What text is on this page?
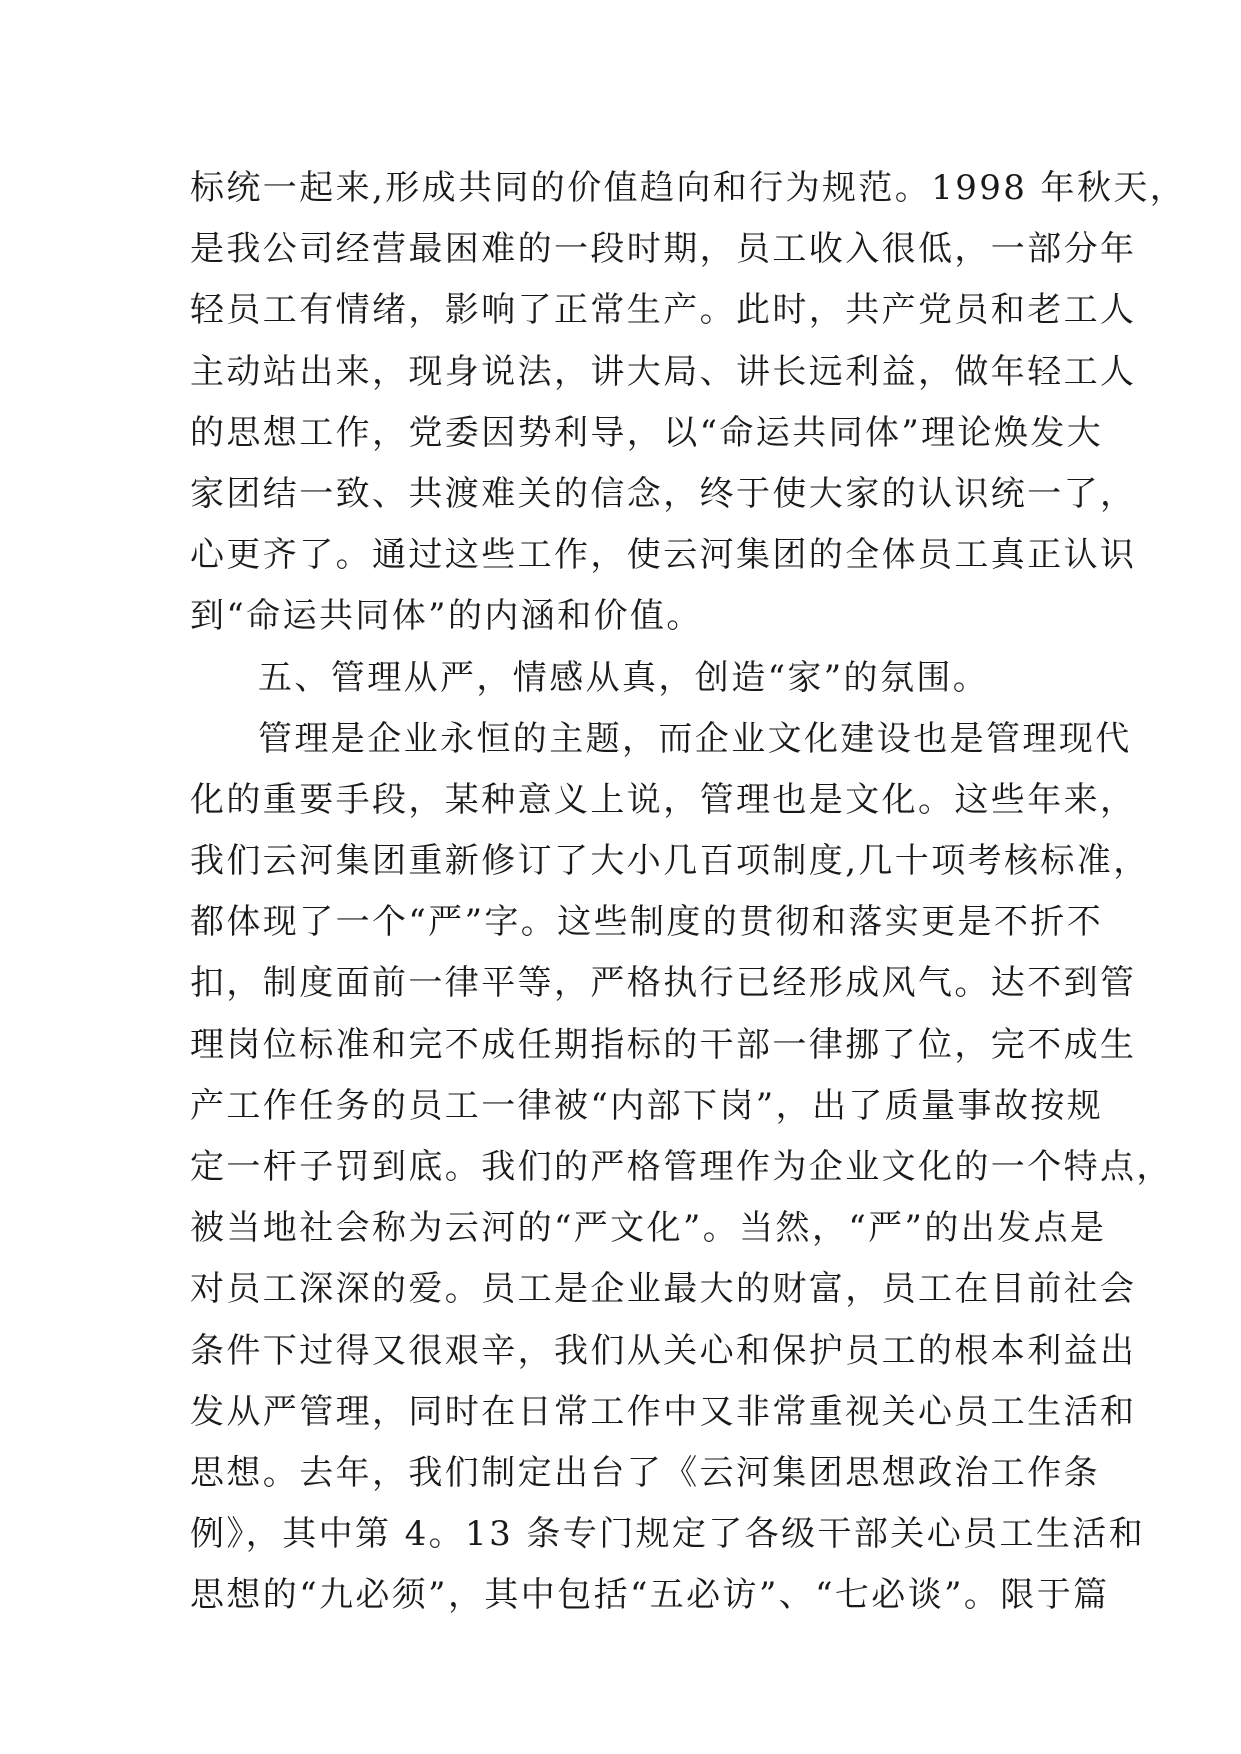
标统一起来,形成共同的价值趋向和行为规范。1998 年秋天，
是我公司经营最困难的一段时期，员工收入很低，一部分年
轻员工有情绪，影响了正常生产。此时，共产党员和老工人
主动站出来，现身说法，讲大局、讲长远利益，做年轻工人
的思想工作，党委因势利导，以“命运共同体”理论焕发大
家团结一致、共渡难关的信念，终于使大家的认识统一了，
心更齐了。通过这些工作，使云河集团的全体员工真正认识
到“命运共同体”的内涵和价值。
五、管理从严，情感从真，创造“家”的氛围。
管理是企业永恒的主题，而企业文化建设也是管理现代
化的重要手段，某种意义上说，管理也是文化。这些年来，
我们云河集团重新修订了大小几百项制度,几十项考核标准，
都体现了一个“严”字。这些制度的贯彻和落实更是不折不
扣，制度面前一律平等，严格执行已经形成风气。达不到管
理岗位标准和完不成任期指标的干部一律挪了位，完不成生
产工作任务的员工一律被“内部下岗”，出了质量事故按规
定一杆子罚到底。我们的严格管理作为企业文化的一个特点，
被当地社会称为云河的“严文化”。当然，“严”的出发点是
对员工深深的爱。员工是企业最大的财富，员工在目前社会
条件下过得又很艰辛，我们从关心和保护员工的根本利益出
发从严管理，同时在日常工作中又非常重视关心员工生活和
思想。去年，我们制定出台了《云河集团思想政治工作条
例》，其中第 4。13 条专门规定了各级干部关心员工生活和
思想的“九必须”，其中包括“五必访”、“七必谈”。限于篇
